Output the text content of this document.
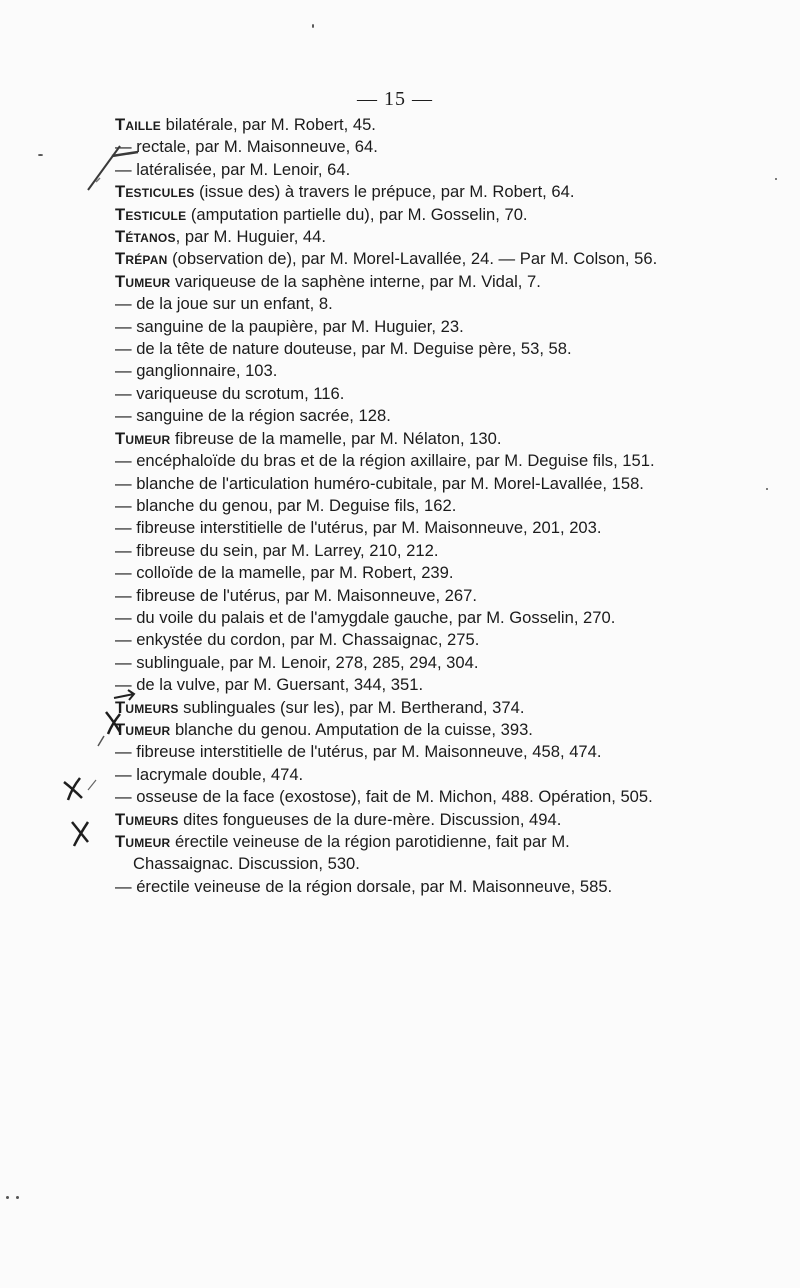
— 15 —
Taille bilatérale, par M. Robert, 45.
— rectale, par M. Maisonneuve, 64.
— latéralisée, par M. Lenoir, 64.
Testicules (issue des) à travers le prépuce, par M. Robert, 64.
Testicule (amputation partielle du), par M. Gosselin, 70.
Tétanos, par M. Huguier, 44.
Trépan (observation de), par M. Morel-Lavallée, 24. — Par M. Colson, 56.
Tumeur variqueuse de la saphène interne, par M. Vidal, 7.
— de la joue sur un enfant, 8.
— sanguine de la paupière, par M. Huguier, 23.
— de la tête de nature douteuse, par M. Deguise père, 53, 58.
— ganglionnaire, 103.
— variqueuse du scrotum, 116.
— sanguine de la région sacrée, 128.
Tumeur fibreuse de la mamelle, par M. Nélaton, 130.
— encéphaloïde du bras et de la région axillaire, par M. Deguise fils, 151.
— blanche de l'articulation huméro-cubitale, par M. Morel-Lavallée, 158.
— blanche du genou, par M. Deguise fils, 162.
— fibreuse interstitielle de l'utérus, par M. Maisonneuve, 201, 203.
— fibreuse du sein, par M. Larrey, 210, 212.
— colloïde de la mamelle, par M. Robert, 239.
— fibreuse de l'utérus, par M. Maisonneuve, 267.
— du voile du palais et de l'amygdale gauche, par M. Gosselin, 270.
— enkystée du cordon, par M. Chassaignac, 275.
— sublinguale, par M. Lenoir, 278, 285, 294, 304.
— de la vulve, par M. Guersant, 344, 351.
Tumeurs sublinguales (sur les), par M. Bertherand, 374.
Tumeur blanche du genou. Amputation de la cuisse, 393.
— fibreuse interstitielle de l'utérus, par M. Maisonneuve, 458, 474.
— lacrymale double, 474.
— osseuse de la face (exostose), fait de M. Michon, 488. Opération, 505.
Tumeurs dites fongueuses de la dure-mère. Discussion, 494.
Tumeur érectile veineuse de la région parotidienne, fait par M. Chassaignac. Discussion, 530.
— érectile veineuse de la région dorsale, par M. Maisonneuve, 585.
